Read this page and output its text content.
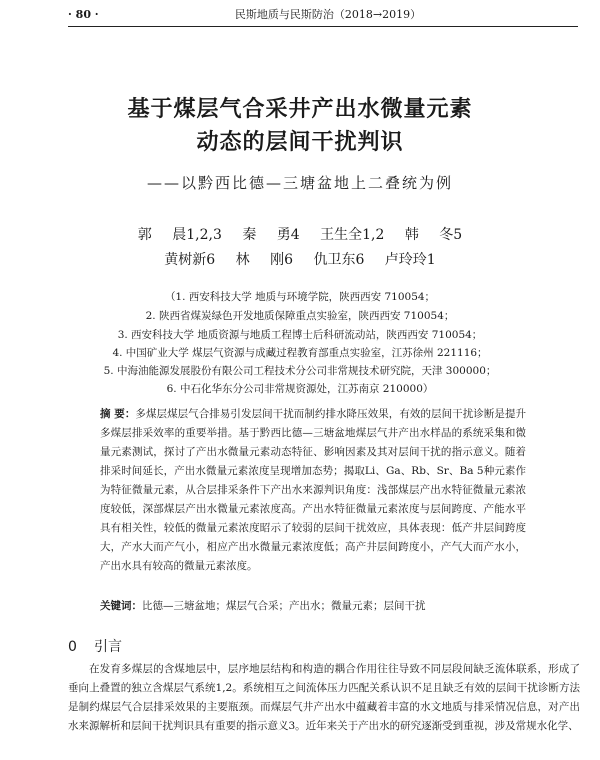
· 80 ·	民斯地质与民斯防治（2018→2019）
基于煤层气合采井产出水微量元素
动态的层间干扰判识
——以黔西比德—三塘盆地上二叠统为例
郭 晨1,2,3 秦 勇4 王生全1,2 韩 冬5
黄树新6 林 刚6 仇卫东6 卢玲玲1
（1. 西安科技大学 地质与环境学院，陕西西安 710054；
2. 陕西省煤炭绿色开发地质保障重点实验室，陕西西安 710054；
3. 西安科技大学 地质资源与地质工程博士后科研流动站，陕西西安 710054；
4. 中国矿业大学 煤层气资源与成藏过程教育部重点实验室，江苏徐州 221116；
5. 中海油能源发展股份有限公司工程技术分公司非常规技术研究院，天津 300000；
6. 中石化华东分公司非常规资源处，江苏南京 210000）
摘 要：多煤层煤层气合排易引发层间干扰而制约排水降压效果，有效的层间干扰诊断是提升多煤层排采效率的重要举措。基于黔西比德—三塘盆地煤层气井产出水样品的系统采集和微量元素测试，探讨了产出水微量元素动态特征、影响因素及其对层间干扰的指示意义。随着排采时间延长，产出水微量元素浓度呈现增加态势；揭取Li、Ga、Rb、Sr、Ba 5种元素作为特征微量元素，从合层排采条件下产出水来源判识角度：浅部煤层产出水特征微量元素浓度较低，深部煤层产出水微量元素浓度高。产出水特征微量元素浓度与层间跨度、产能水平具有相关性，较低的微量元素浓度昭示了较弱的层间干扰效应，具体表现：低产井层间跨度大，产水大而产气小，相应产出水微量元素浓度低；高产井层间跨度小，产气大而产水小，产出水具有较高的微量元素浓度。
关键词：比德—三塘盆地；煤层气合采；产出水；微量元素；层间干扰
0 引言
在发育多煤层的含煤地层中，层序地层结构和构造的耦合作用往往导致不同层段间缺乏流体联系，形成了垂向上叠置的独立含煤层气系统1,2。系统相互之间流体压力匹配关系认识不足且缺乏有效的层间干扰诊断方法是制约煤层气合层排采效果的主要瓶颈。而煤层气井产出水中蕴藏着丰富的水文地质与排采情况信息，对产出水来源解析和层间干扰判识具有重要的指示意义3。近年来关于产出水的研究逐渐受到重视，涉及常规水化学、
